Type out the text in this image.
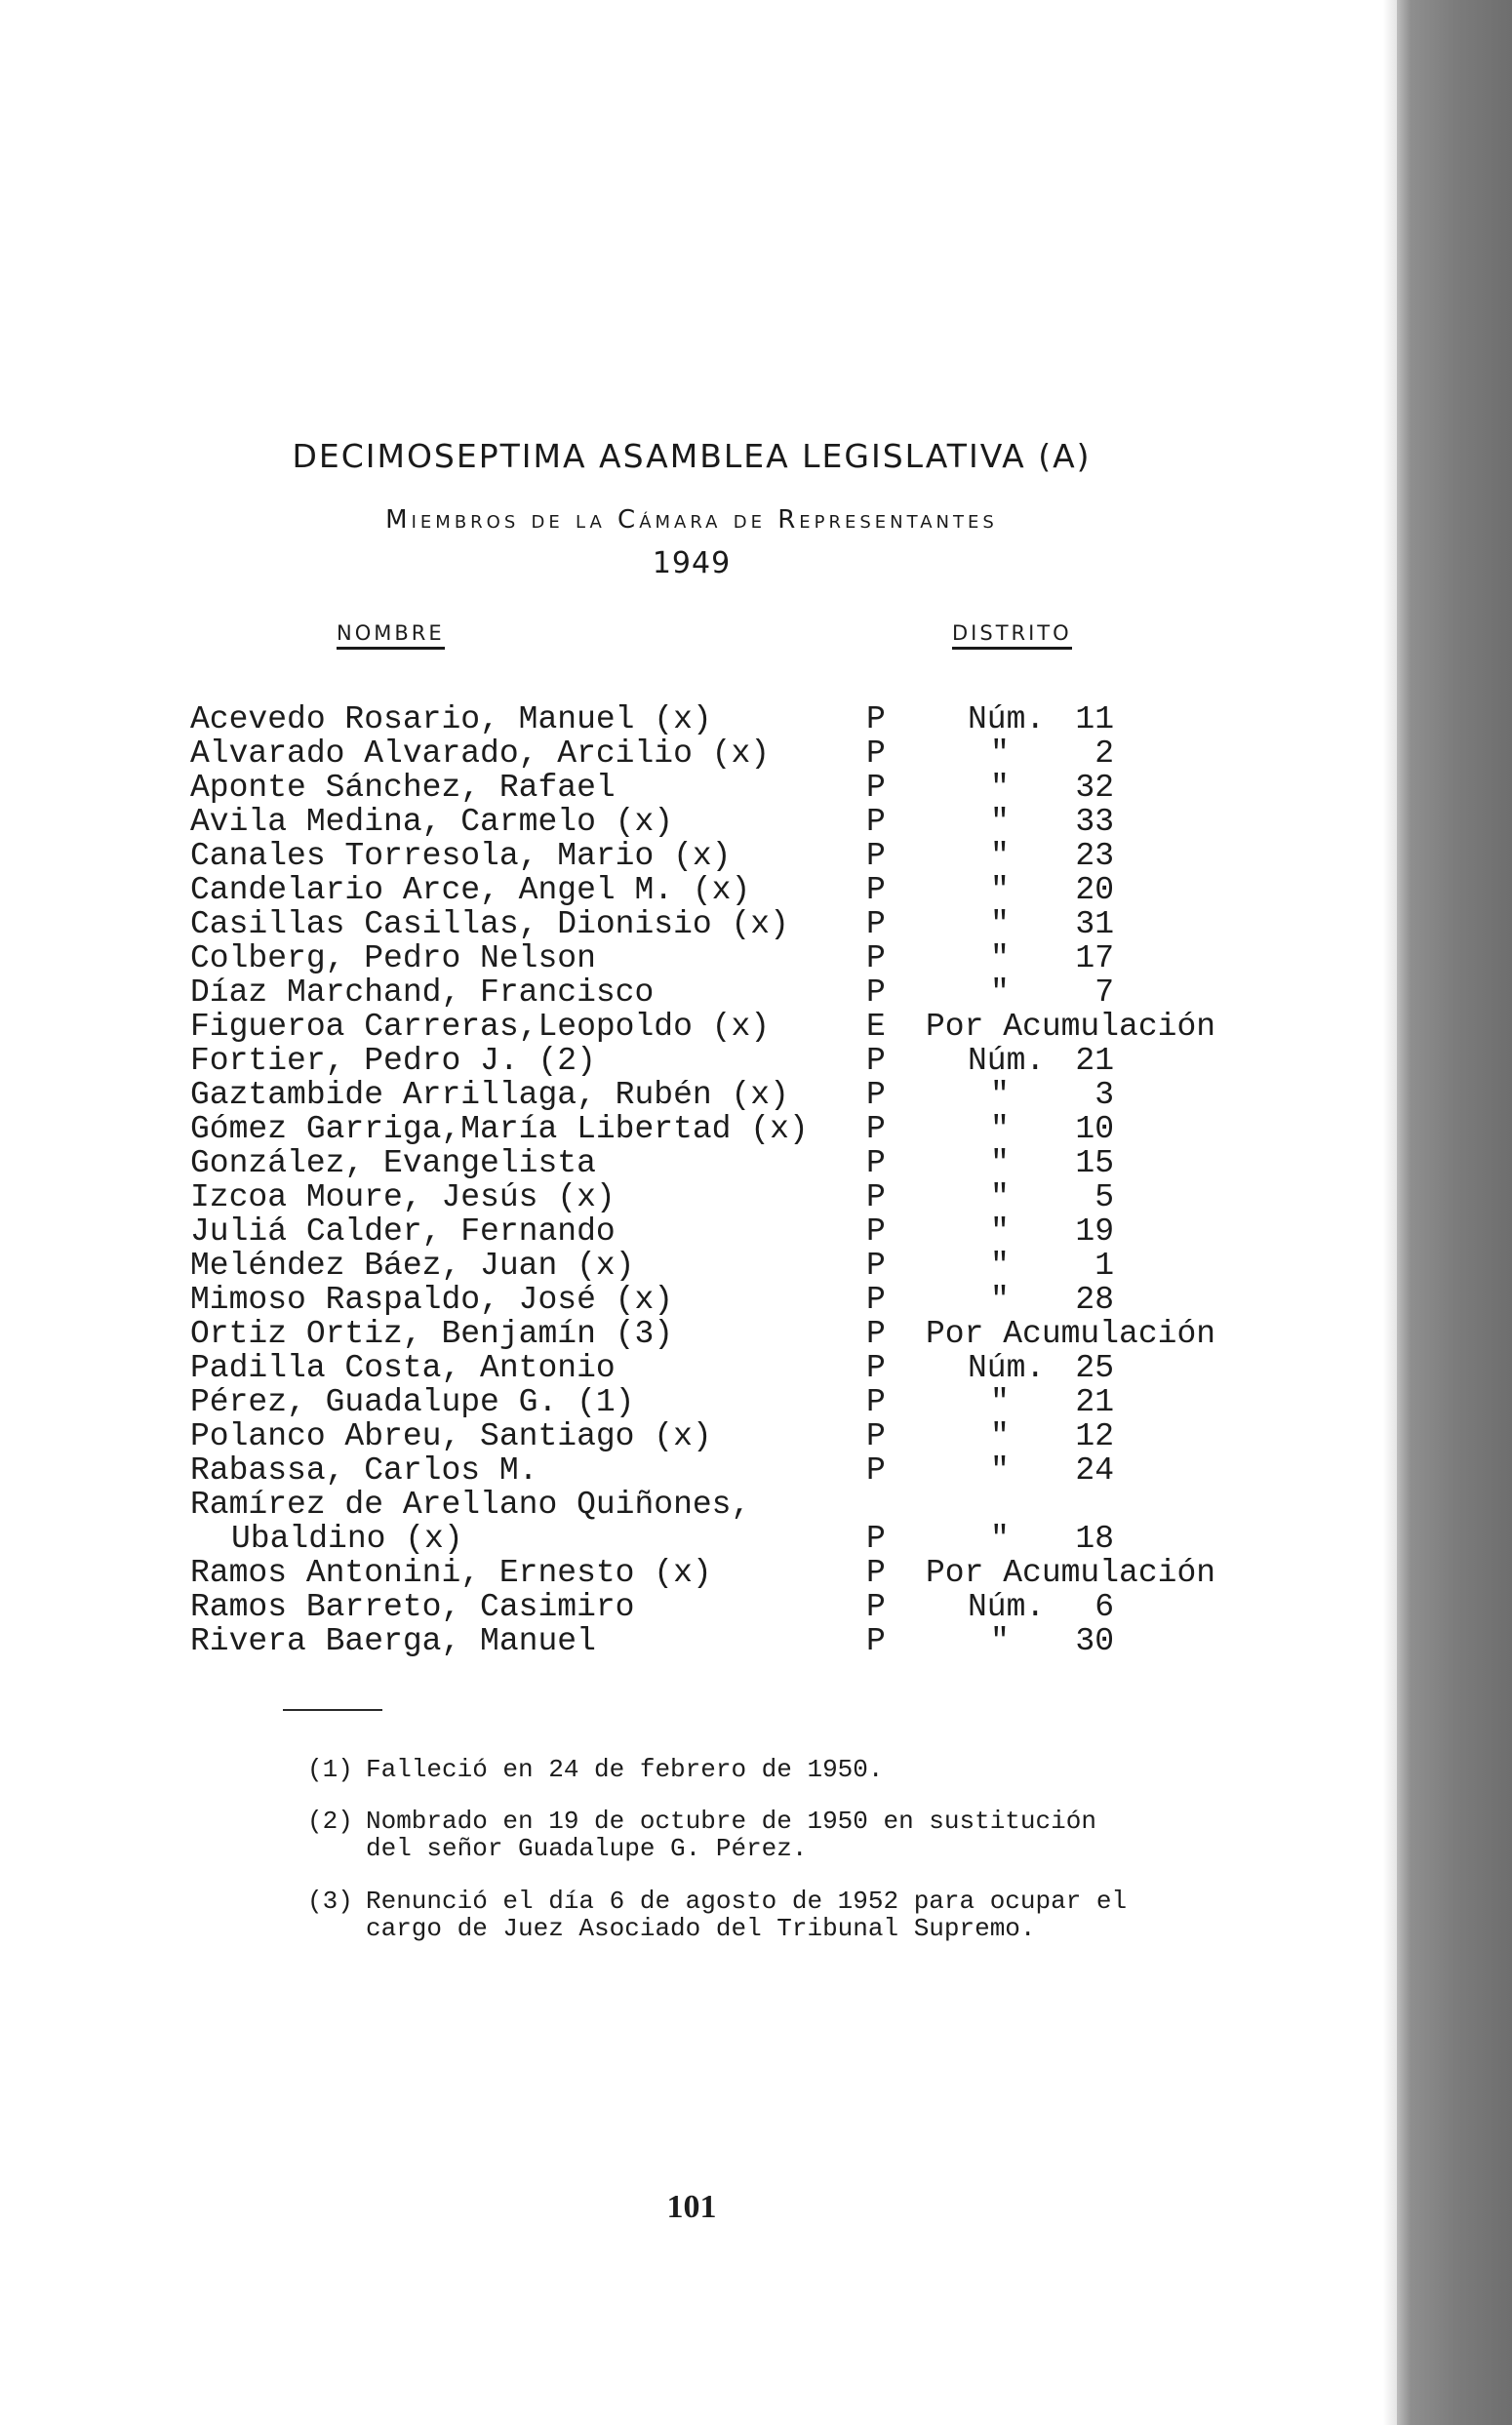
DECIMOSEPTIMA ASAMBLEA LEGISLATIVA (A)
Miembros de la Cámara de Representantes
1949
NOMBRE	DISTRITO
Acevedo Rosario, Manuel (x)	P	Núm. 11
Alvarado Alvarado, Arcilio (x)	P	"	2
Aponte Sánchez, Rafael	P	" 32
Avila Medina, Carmelo (x)	P	" 33
Canales Torresola, Mario (x)	P	" 23
Candelario Arce, Angel M. (x)	P	" 20
Casillas Casillas, Dionisio (x) P	" 31
Colberg, Pedro Nelson	P	" 17
Díaz Marchand, Francisco	P	"	7
Figueroa Carreras,Leopoldo (x)	E Por Acumulación
Fortier, Pedro J. (2)	P	Núm. 21
Gaztambide Arrillaga, Rubén (x) P	"	3
Gómez Garriga,María Libertad (x) P	" 10
González, Evangelista	P	" 15
Izcoa Moure, Jesús (x)	P	"	5
Juliá Calder, Fernando	P	" 19
Meléndez Báez, Juan (x)	P	"	1
Mimoso Raspaldo, José (x)	P	" 28
Ortiz Ortiz, Benjamín (3)	P Por Acumulación
Padilla Costa, Antonio	P	Núm. 25
Pérez, Guadalupe G. (1)	P	" 21
Polanco Abreu, Santiago (x)	P	" 12
Rabassa, Carlos M.	P	" 24
Ramírez de Arellano Quiñones,
Ubaldino (x)	P	" 18
Ramos Antonini, Ernesto (x)	P Por Acumulación
Ramos Barreto, Casimiro	P	Núm.	6
Rivera Baerga, Manuel	P	" 30
(1) Falleció en 24 de febrero de 1950.
(2) Nombrado en 19 de octubre de 1950 en sustitución
del señor Guadalupe G. Pérez.
(3) Renunció el día 6 de agosto de 1952 para ocupar el
cargo de Juez Asociado del Tribunal Supremo.
101
